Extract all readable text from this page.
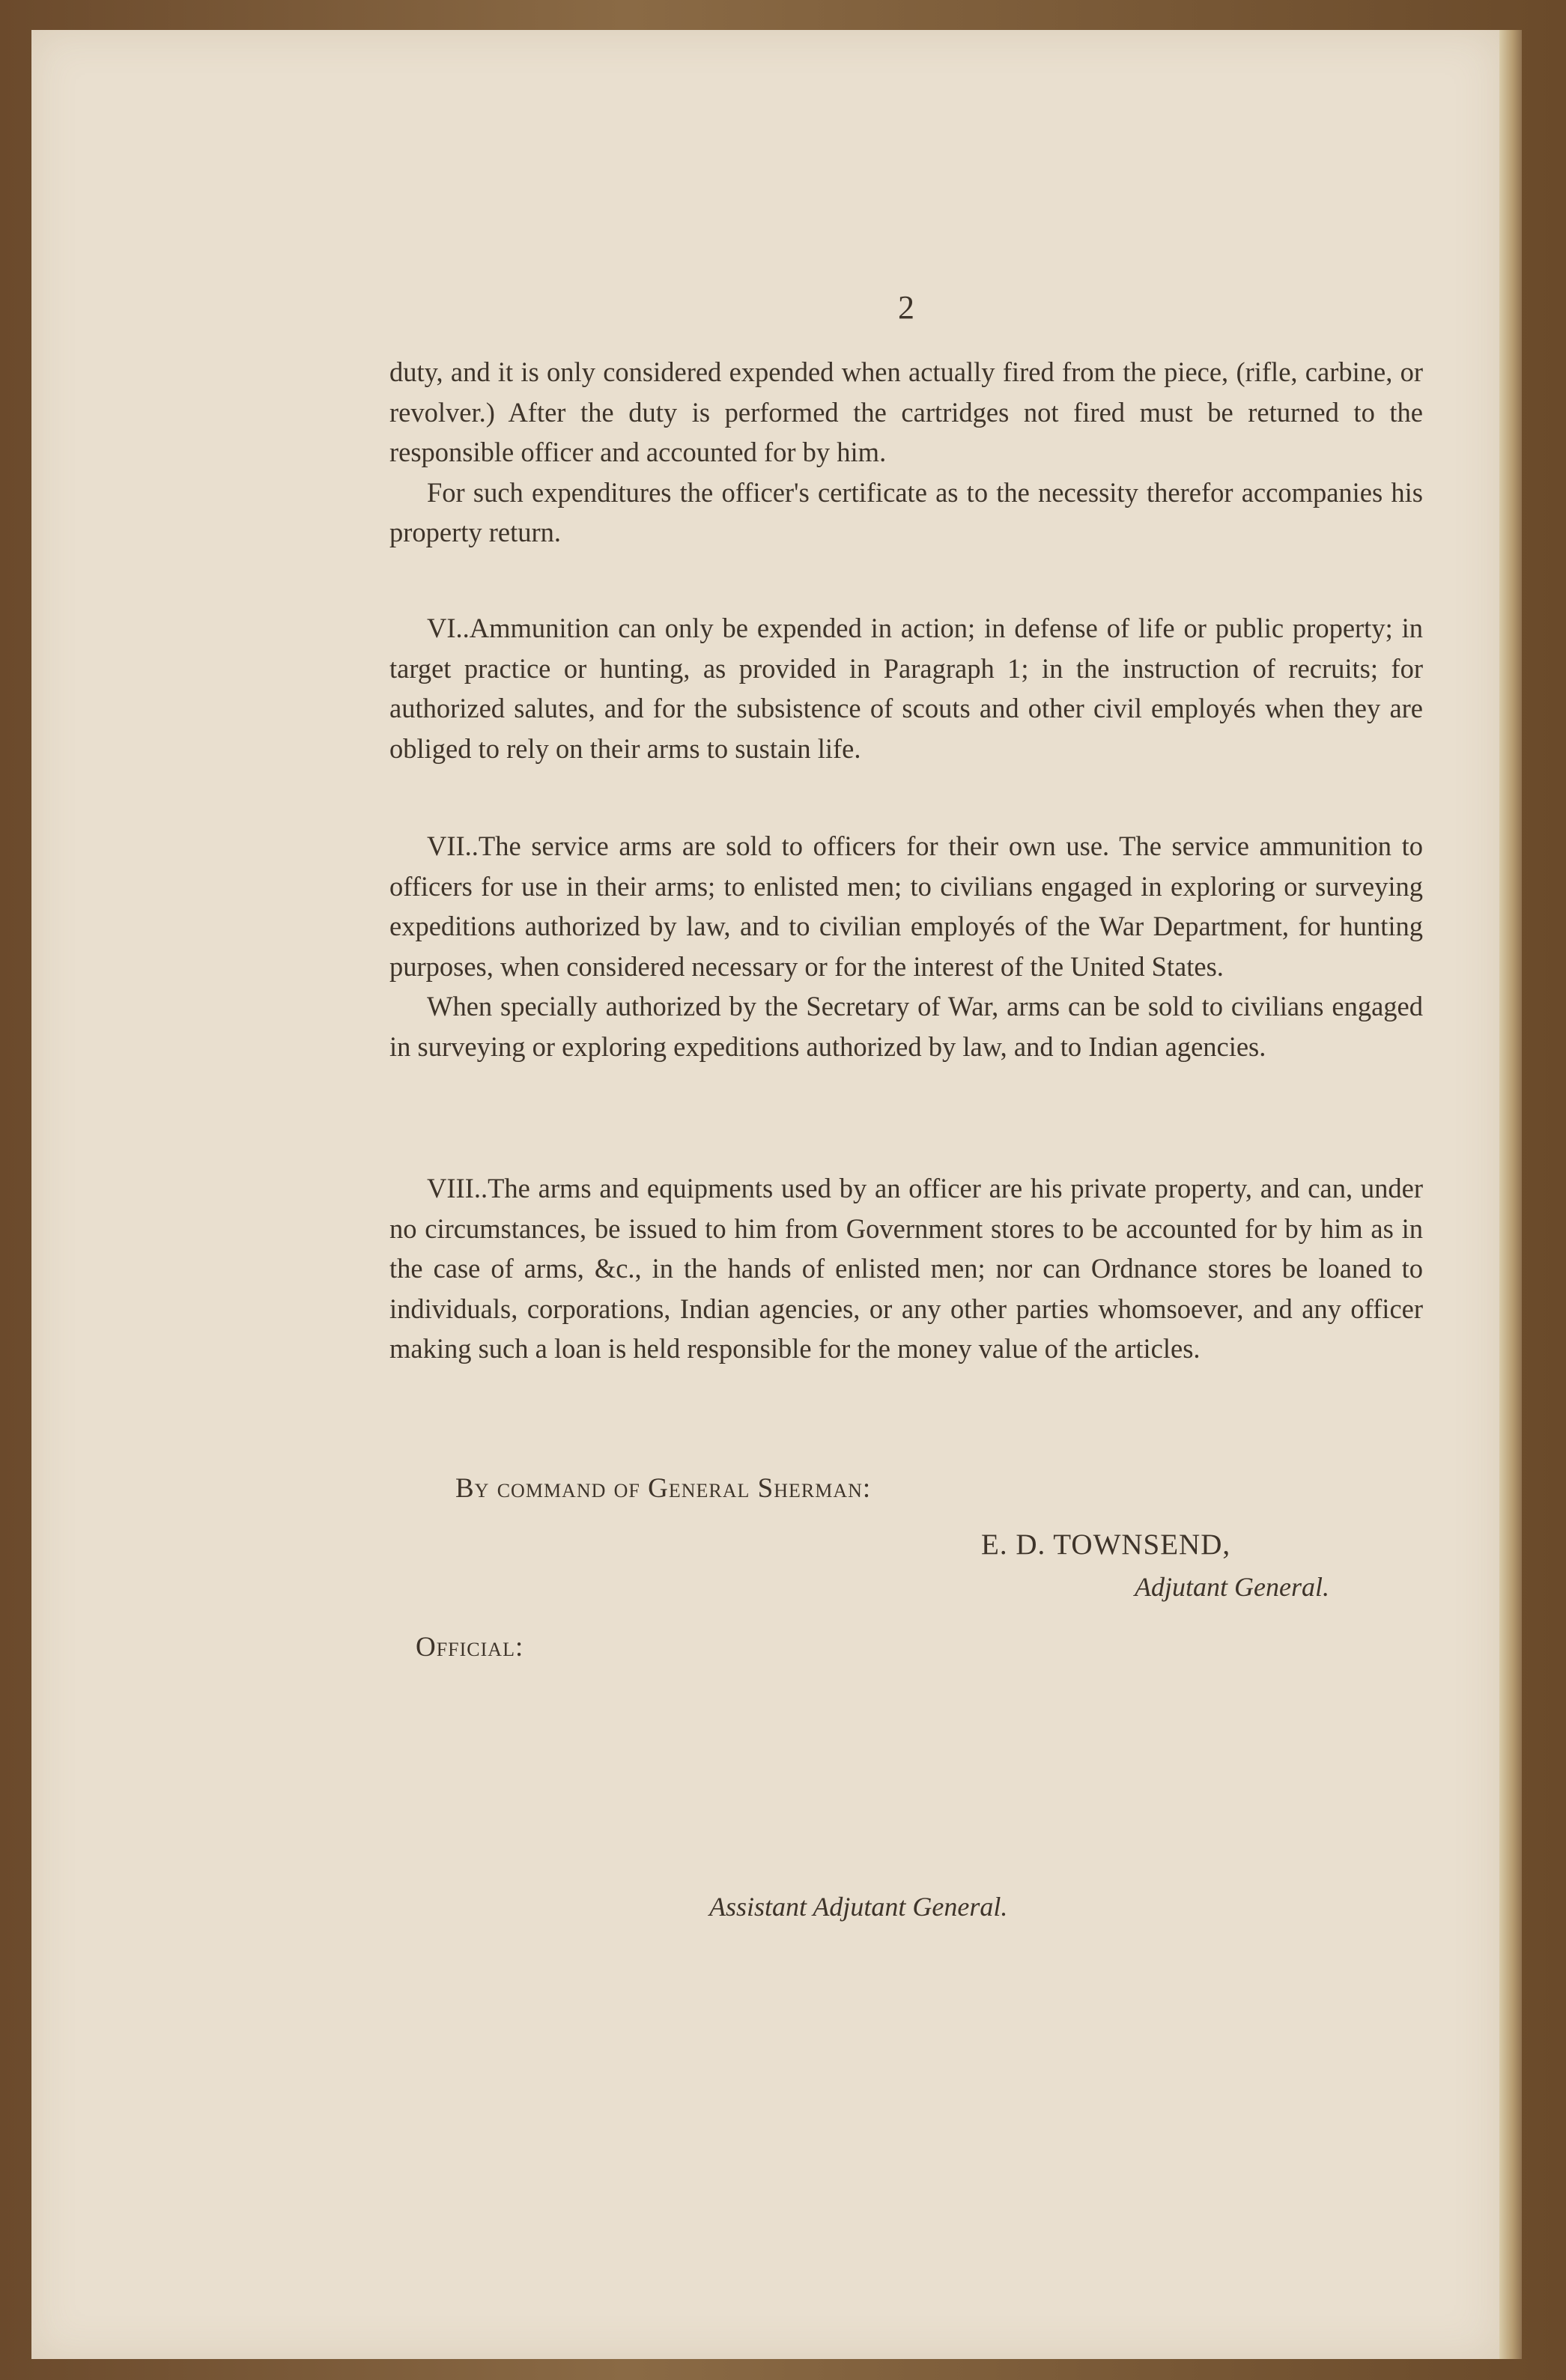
2

duty, and it is only considered expended when actually fired from the piece, (rifle, carbine, or revolver.) After the duty is performed the cartridges not fired must be returned to the responsible officer and accounted for by him.

For such expenditures the officer's certificate as to the necessity therefor accompanies his property return.

VI..Ammunition can only be expended in action; in defense of life or public property; in target practice or hunting, as provided in Paragraph 1; in the instruction of recruits; for authorized salutes, and for the subsistence of scouts and other civil employés when they are obliged to rely on their arms to sustain life.

VII..The service arms are sold to officers for their own use. The service ammunition to officers for use in their arms; to enlisted men; to civilians engaged in exploring or surveying expeditions authorized by law, and to civilian employés of the War Department, for hunting purposes, when considered necessary or for the interest of the United States.

When specially authorized by the Secretary of War, arms can be sold to civilians engaged in surveying or exploring expeditions authorized by law, and to Indian agencies.

VIII..The arms and equipments used by an officer are his private property, and can, under no circumstances, be issued to him from Government stores to be accounted for by him as in the case of arms, &c., in the hands of enlisted men; nor can Ordnance stores be loaned to individuals, corporations, Indian agencies, or any other parties whomsoever, and any officer making such a loan is held responsible for the money value of the articles.

By command of General Sherman:
E. D. TOWNSEND,
Adjutant General.
Official:
Assistant Adjutant General.
